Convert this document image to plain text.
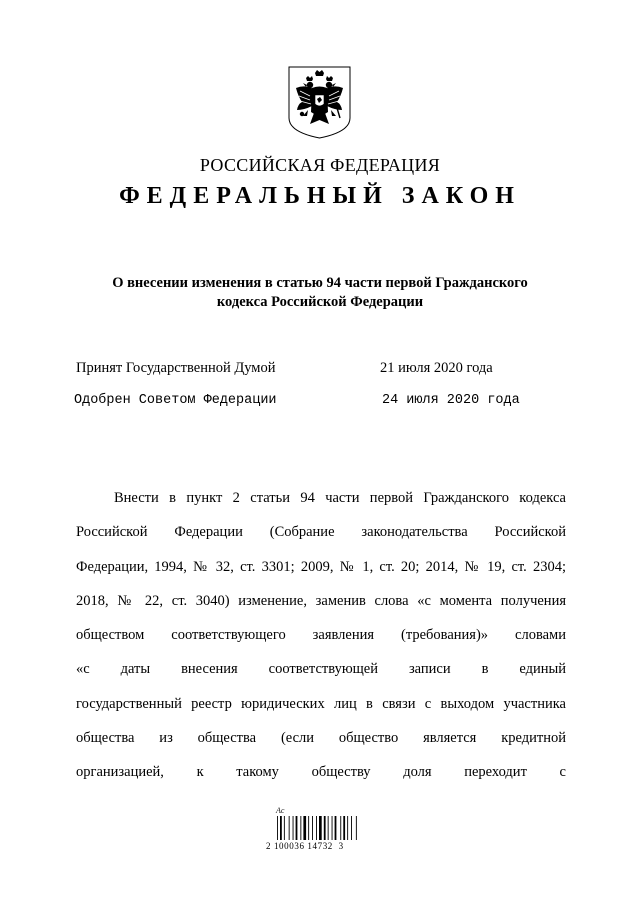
РОССИЙСКАЯ ФЕДЕРАЦИЯ
ФЕДЕРАЛЬНЫЙ ЗАКОН
О внесении изменения в статью 94 части первой Гражданского
кодекса Российской Федерации
Принят Государственной Думой	21 июля 2020 года
Одобрен Советом Федерации	24 июля 2020 года
Внести в пункт 2 статьи 94 части первой Гражданского кодекса
Российской Федерации (Собрание законодательства Российской
Федерации, 1994, № 32, ст. 3301; 2009, № 1, ст. 20; 2014, № 19, ст. 2304;
2018, № 22, ст. 3040) изменение, заменив слова «с момента получения
обществом соответствующего заявления (требования)» словами
«с даты внесения соответствующей записи в единый
государственный реестр юридических лиц в связи с выходом участника
общества из общества (если общество является кредитной
организацией, к такому обществу доля переходит с
Ac
2 100036 14732  3
